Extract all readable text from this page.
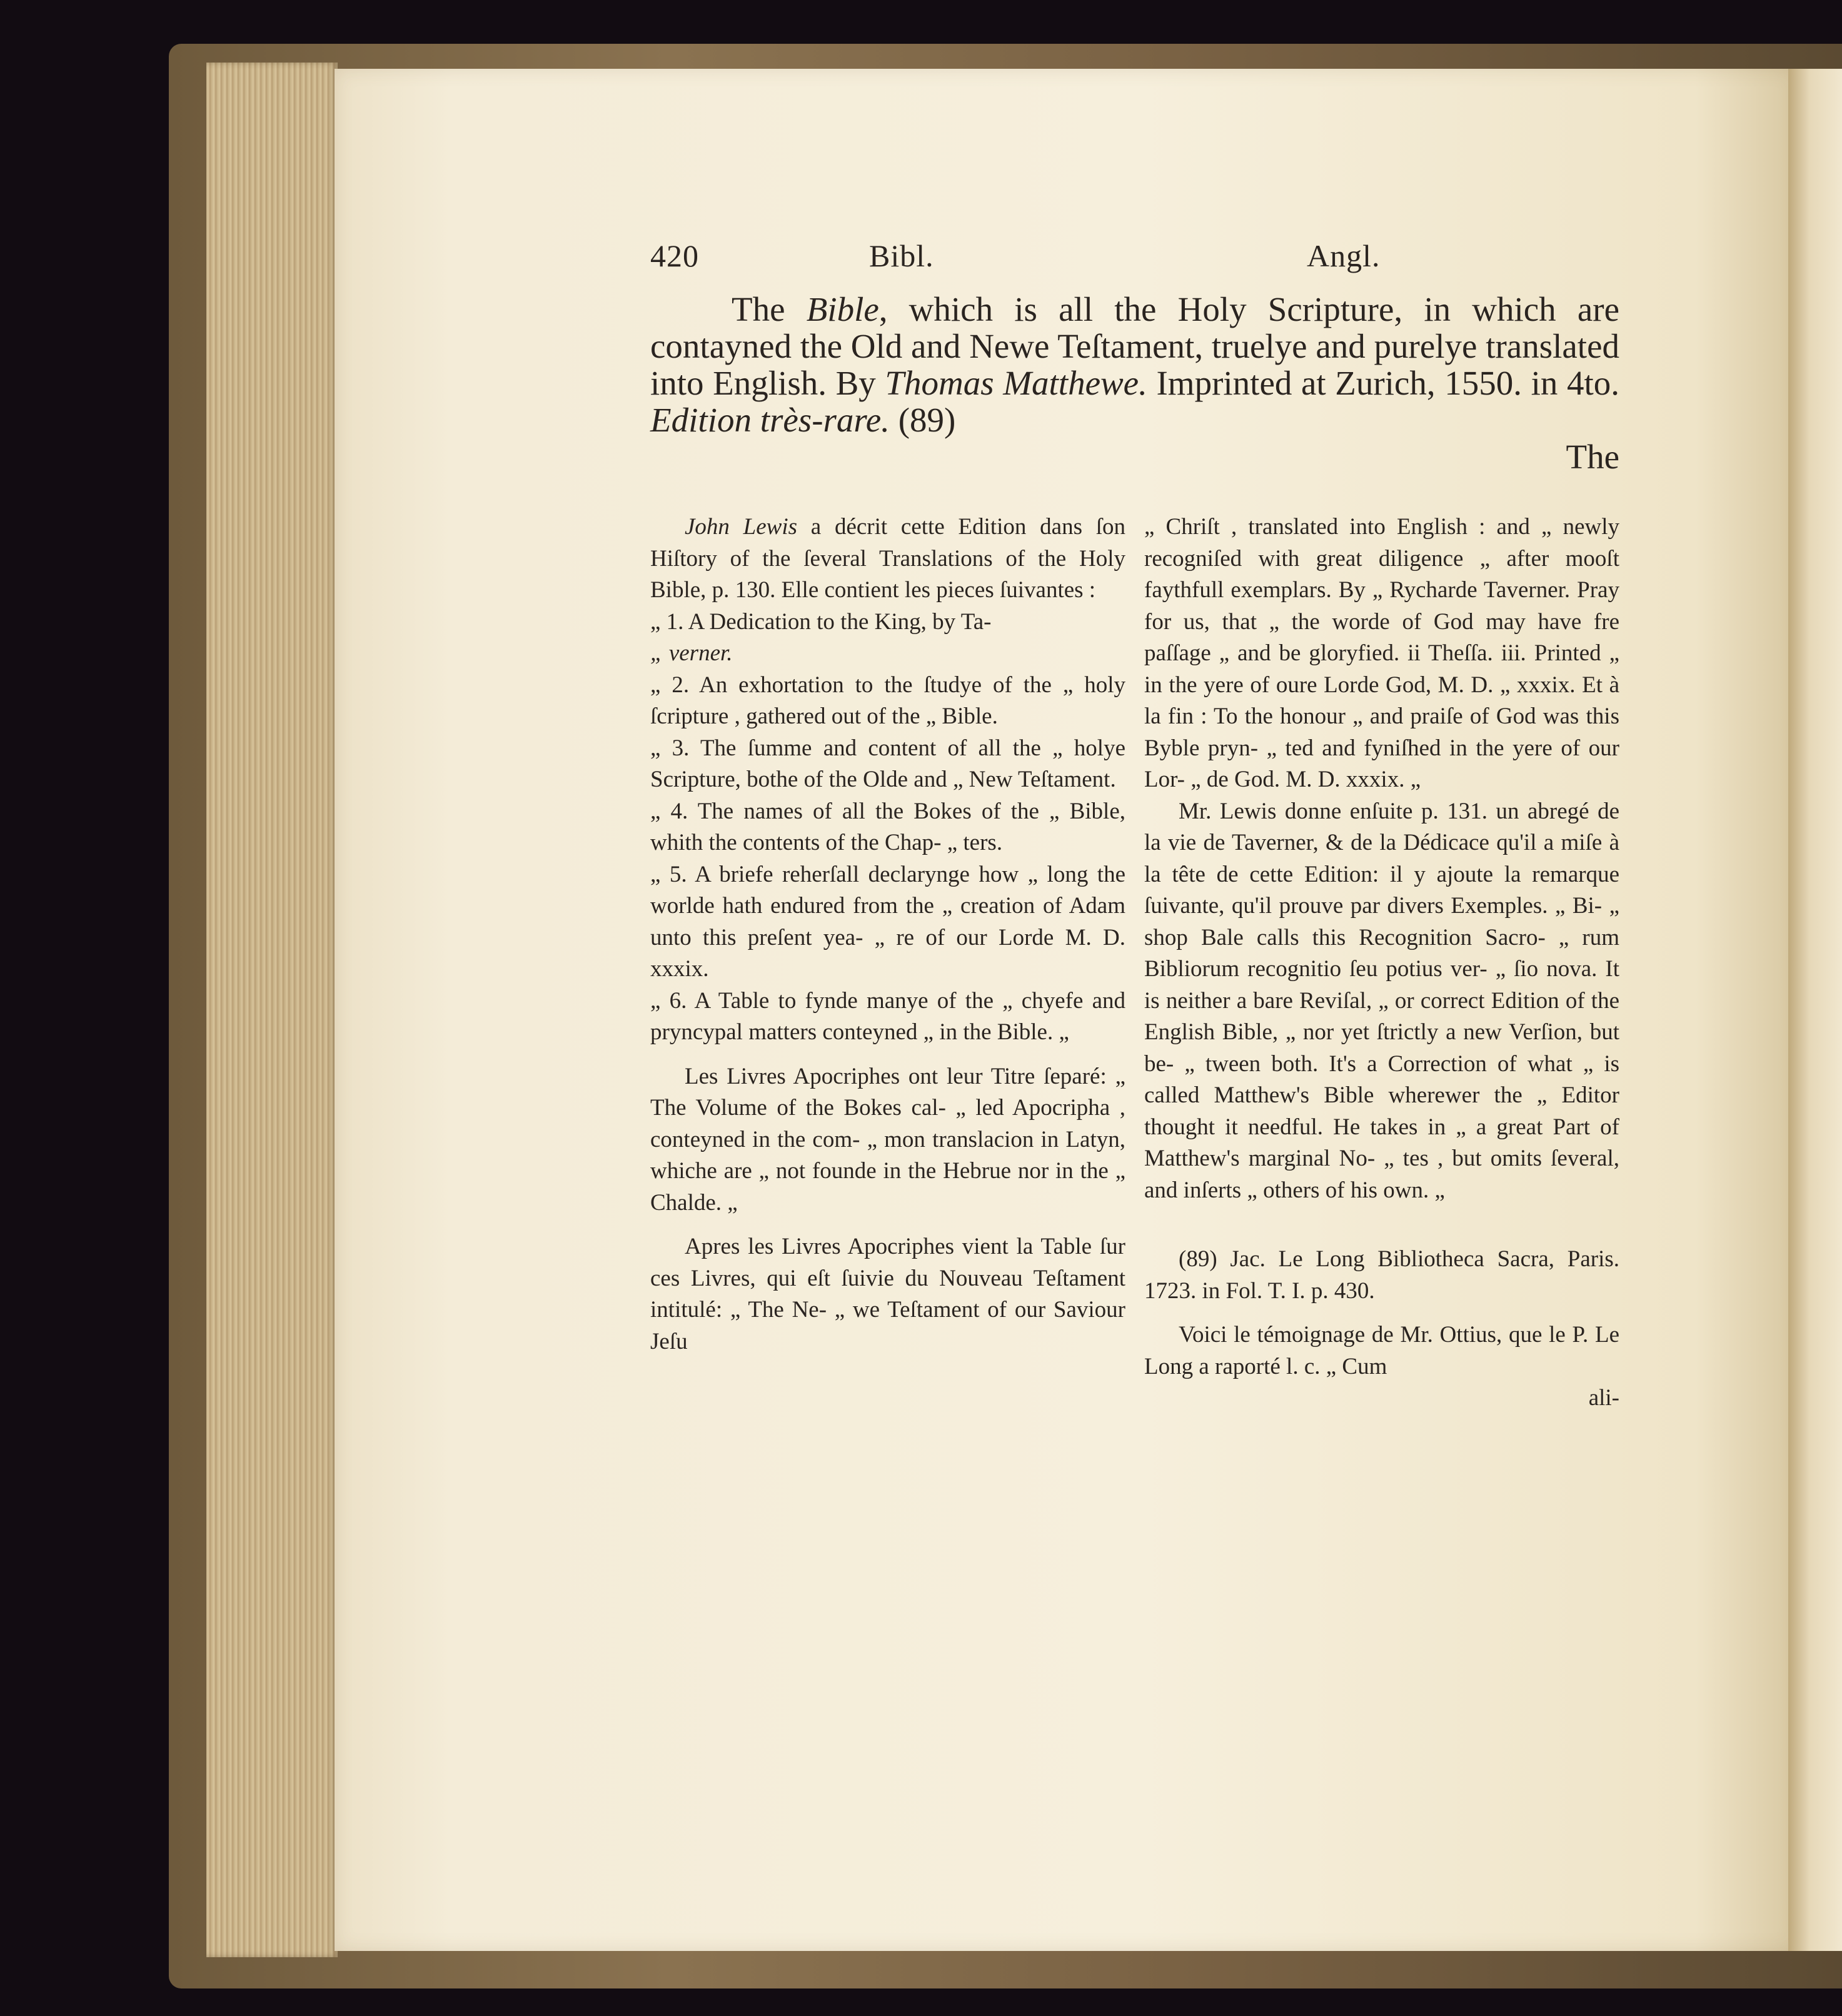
420	Bibl.	Angl.

The Bible, which is all the Holy Scripture, in which are contayned the Old and Newe Teſtament, truelye and purelye translated into English. By Thomas Matthewe. Imprinted at Zurich, 1550. in 4to. Edition très-rare. (89)

The

John Lewis a décrit cette Edition dans ſon Hiſtory of the ſeveral Translations of the Holy Bible, p. 130. Elle contient les pieces ſuivantes :

„ 1. A Dedication to the King, by Ta-

„ verner.

„ 2. An exhortation to the ſtudye of the „ holy ſcripture , gathered out of the „ Bible.

„ 3. The ſumme and content of all the „ holye Scripture, bothe of the Olde and „ New Teſtament.

„ 4. The names of all the Bokes of the „ Bible, whith the contents of the Chap- „ ters.

„ 5. A briefe reherſall declarynge how „ long the worlde hath endured from the „ creation of Adam unto this preſent yea- „ re of our Lorde M. D. xxxix.

„ 6. A Table to fynde manye of the „ chyefe and pryncypal matters conteyned „ in the Bible. „

Les Livres Apocriphes ont leur Titre ſeparé: „ The Volume of the Bokes cal- „ led Apocripha , conteyned in the com- „ mon translacion in Latyn, whiche are „ not founde in the Hebrue nor in the „ Chalde. „

Apres les Livres Apocriphes vient la Table ſur ces Livres, qui eſt ſuivie du Nouveau Teſtament intitulé: „ The Ne- „ we Teſtament of our Saviour Jeſu

„ Chriſt , translated into English : and „ newly recogniſed with great diligence „ after mooſt faythfull exemplars. By „ Rycharde Taverner. Pray for us, that „ the worde of God may have fre paſſage „ and be gloryfied. ii Theſſa. iii. Printed „ in the yere of oure Lorde God, M. D. „ xxxix. Et à la fin : To the honour „ and praiſe of God was this Byble pryn- „ ted and fyniſhed in the yere of our Lor- „ de God. M. D. xxxix. „

Mr. Lewis donne enſuite p. 131. un abregé de la vie de Taverner, & de la Dédicace qu'il a miſe à la tête de cette Edition: il y ajoute la remarque ſuivante, qu'il prouve par divers Exemples. „ Bi- „ shop Bale calls this Recognition Sacro- „ rum Bibliorum recognitio ſeu potius ver- „ ſio nova. It is neither a bare Reviſal, „ or correct Edition of the English Bible, „ nor yet ſtrictly a new Verſion, but be- „ tween both. It's a Correction of what „ is called Matthew's Bible wherewer the „ Editor thought it needful. He takes in „ a great Part of Matthew's marginal No- „ tes , but omits ſeveral, and inſerts „ others of his own. „

(89) Jac. Le Long Bibliotheca Sacra, Paris. 1723. in Fol. T. I. p. 430.

Voici le témoignage de Mr. Ottius, que le P. Le Long a raporté l. c. „ Cum

ali-
